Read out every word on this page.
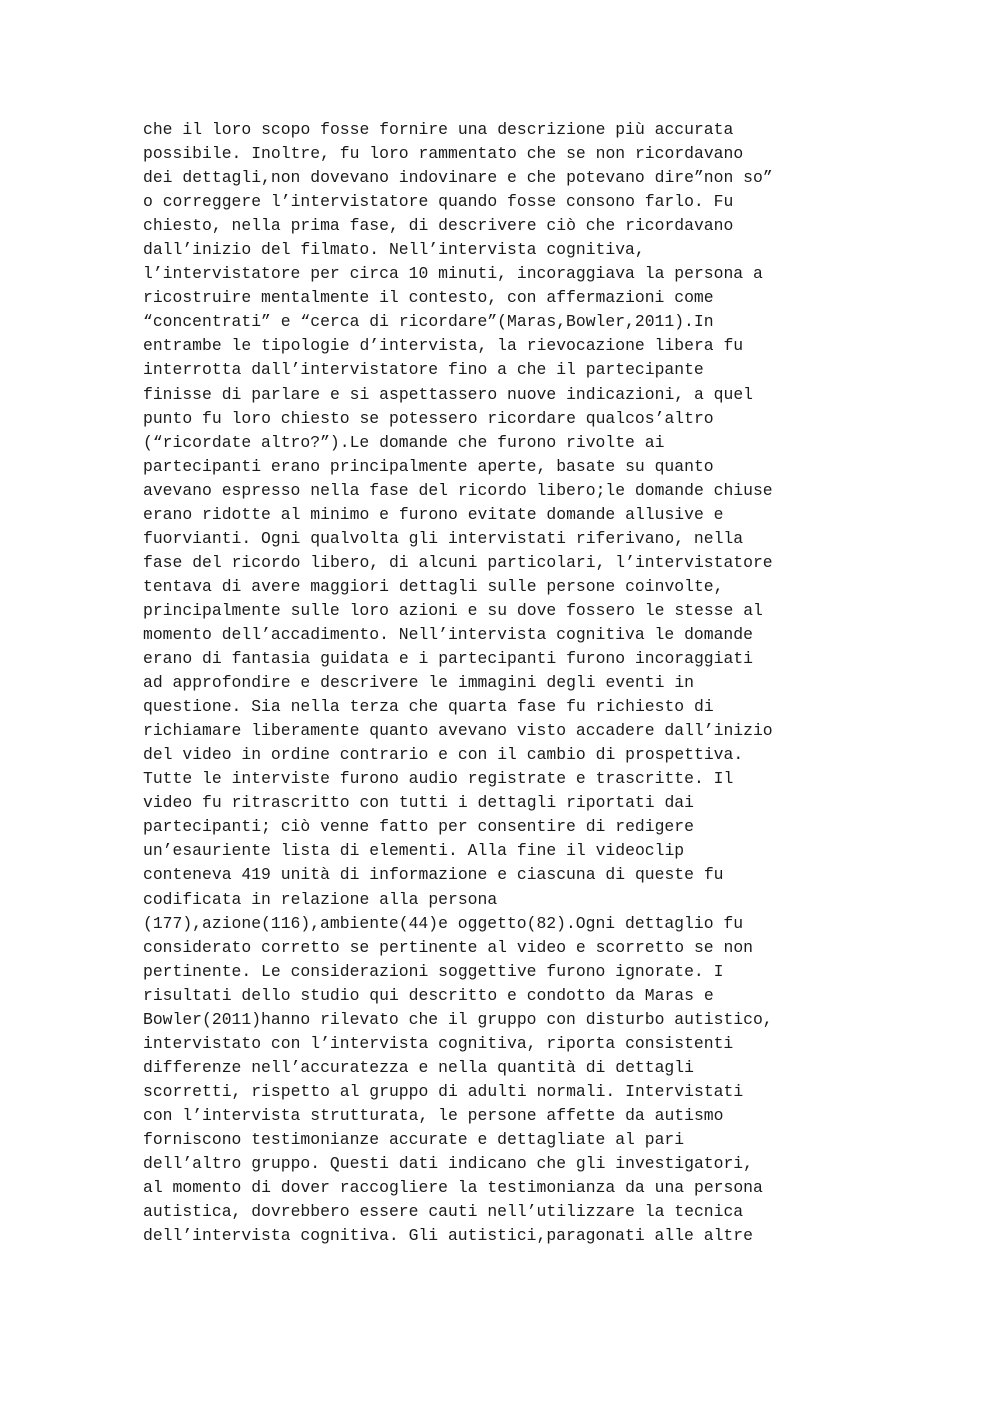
che il loro scopo fosse fornire una descrizione più accurata
possibile. Inoltre, fu loro rammentato che se non ricordavano
dei dettagli,non dovevano indovinare e che potevano dire”non so”
o correggere l’intervistatore quando fosse consono farlo. Fu
chiesto, nella prima fase, di descrivere ciò che ricordavano
dall’inizio del filmato. Nell’intervista cognitiva,
l’intervistatore per circa 10 minuti, incoraggiava la persona a
ricostruire mentalmente il contesto, con affermazioni come
“concentrati” e “cerca di ricordare”(Maras,Bowler,2011).In
entrambe le tipologie d’intervista, la rievocazione libera fu
interrotta dall’intervistatore fino a che il partecipante
finisse di parlare e si aspettassero nuove indicazioni, a quel
punto fu loro chiesto se potessero ricordare qualcos’altro
(“ricordate altro?”).Le domande che furono rivolte ai
partecipanti erano principalmente aperte, basate su quanto
avevano espresso nella fase del ricordo libero;le domande chiuse
erano ridotte al minimo e furono evitate domande allusive e
fuorvianti. Ogni qualvolta gli intervistati riferivano, nella
fase del ricordo libero, di alcuni particolari, l’intervistatore
tentava di avere maggiori dettagli sulle persone coinvolte,
principalmente sulle loro azioni e su dove fossero le stesse al
momento dell’accadimento. Nell’intervista cognitiva le domande
erano di fantasia guidata e i partecipanti furono incoraggiati
ad approfondire e descrivere le immagini degli eventi in
questione. Sia nella terza che quarta fase fu richiesto di
richiamare liberamente quanto avevano visto accadere dall’inizio
del video in ordine contrario e con il cambio di prospettiva.
Tutte le interviste furono audio registrate e trascritte. Il
video fu ritrascritto con tutti i dettagli riportati dai
partecipanti; ciò venne fatto per consentire di redigere
un’esauriente lista di elementi. Alla fine il videoclip
conteneva 419 unità di informazione e ciascuna di queste fu
codificata in relazione alla persona
(177),azione(116),ambiente(44)e oggetto(82).Ogni dettaglio fu
considerato corretto se pertinente al video e scorretto se non
pertinente. Le considerazioni soggettive furono ignorate. I
risultati dello studio qui descritto e condotto da Maras e
Bowler(2011)hanno rilevato che il gruppo con disturbo autistico,
intervistato con l’intervista cognitiva, riporta consistenti
differenze nell’accuratezza e nella quantità di dettagli
scorretti, rispetto al gruppo di adulti normali. Intervistati
con l’intervista strutturata, le persone affette da autismo
forniscono testimonianze accurate e dettagliate al pari
dell’altro gruppo. Questi dati indicano che gli investigatori,
al momento di dover raccogliere la testimonianza da una persona
autistica, dovrebbero essere cauti nell’utilizzare la tecnica
dell’intervista cognitiva. Gli autistici,paragonati alle altre
